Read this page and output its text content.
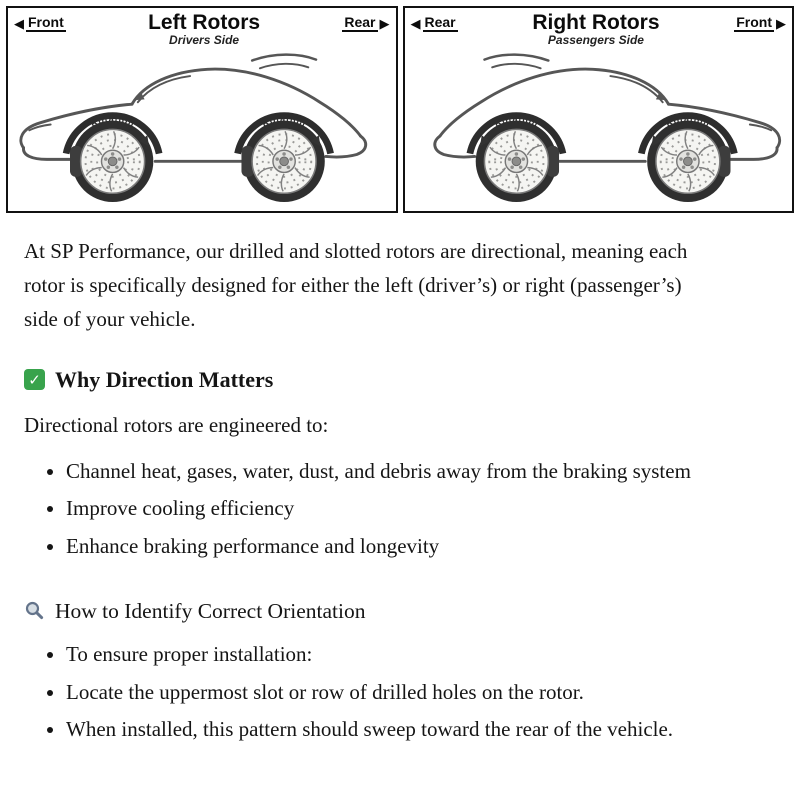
◀ Front	Left Rotors
Drivers Side
Rear ▶
Rotation	Rotation
◀ Rear	Right Rotors
Passengers Side
Front ▶
Rotation	Rotation

At SP Performance, our drilled and slotted rotors are directional, meaning each rotor is specifically designed for either the left (driver’s) or right (passenger’s) side of your vehicle.

✓ Why Direction Matters

Directional rotors are engineered to:

• Channel heat, gases, water, dust, and debris away from the braking system
• Improve cooling efficiency
• Enhance braking performance and longevity
How to Identify Correct Orientation
• To ensure proper installation:
• Locate the uppermost slot or row of drilled holes on the rotor.
• When installed, this pattern should sweep toward the rear of the vehicle.
